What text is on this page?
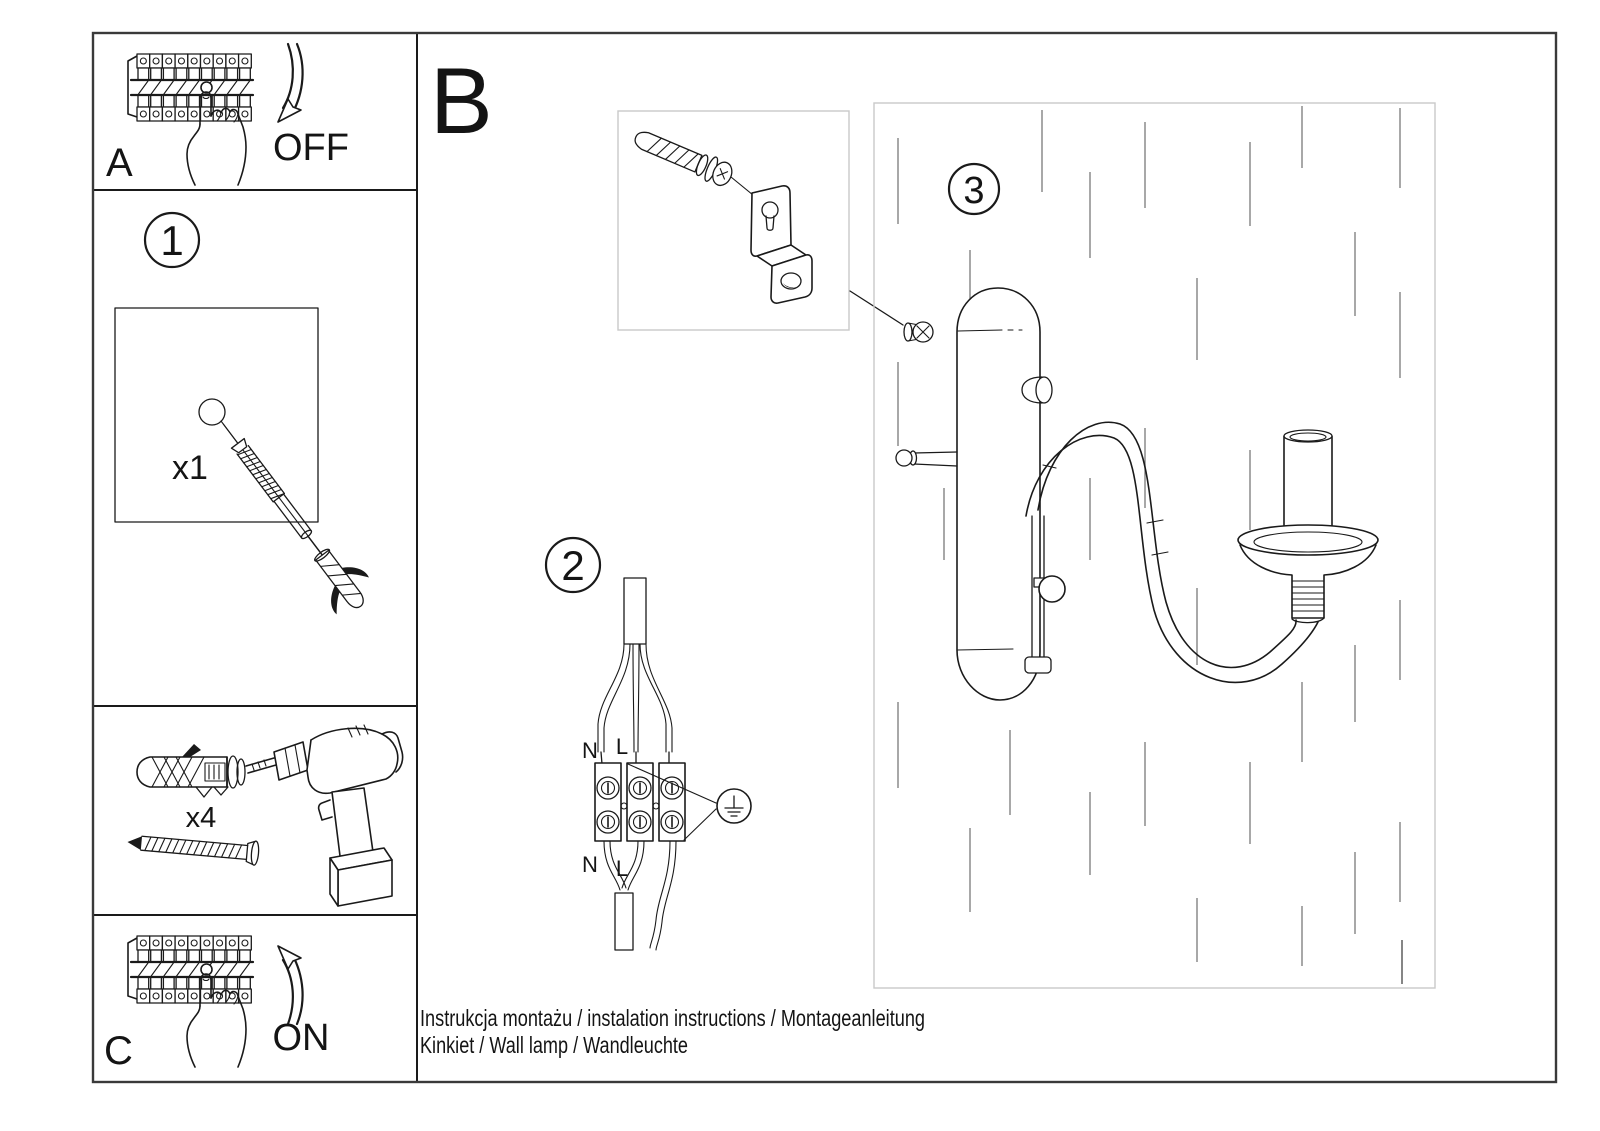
OFF
A
1
x1
x4
ON
C
B
3
2
N L
N L
Instrukcja montażu / instalation instructions / Montageanleitung
Kinkiet / Wall lamp / Wandleuchte
